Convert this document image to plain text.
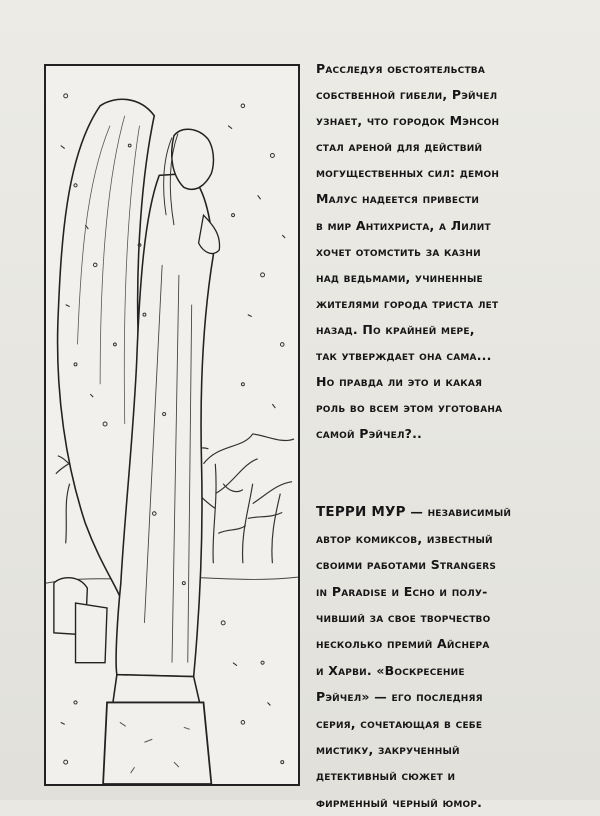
Расследуя обстоятельства
собственной гибели, Рэйчел
узнает, что городок Мэнсон
стал ареной для действий
могущественных сил: демон
Малус надеется привести
в мир Антихриста, а Лилит
хочет отомстить за казни
над ведьмами, учиненные
жителями города триста лет
назад. По крайней мере,
так утверждает она сама...
Но правда ли это и какая
роль во всем этом уготована
самой Рэйчел?..
ТЕРРИ МУР — независимый
автор комиксов, известный
своими работами Strangers
in Paradise и Echo и полу-
чивший за свое творчество
несколько премий Айснера
и Харви. «Воскресение
Рэйчел» — его последняя
серия, сочетающая в себе
мистику, закрученный
детективный сюжет и
фирменный черный юмор.
